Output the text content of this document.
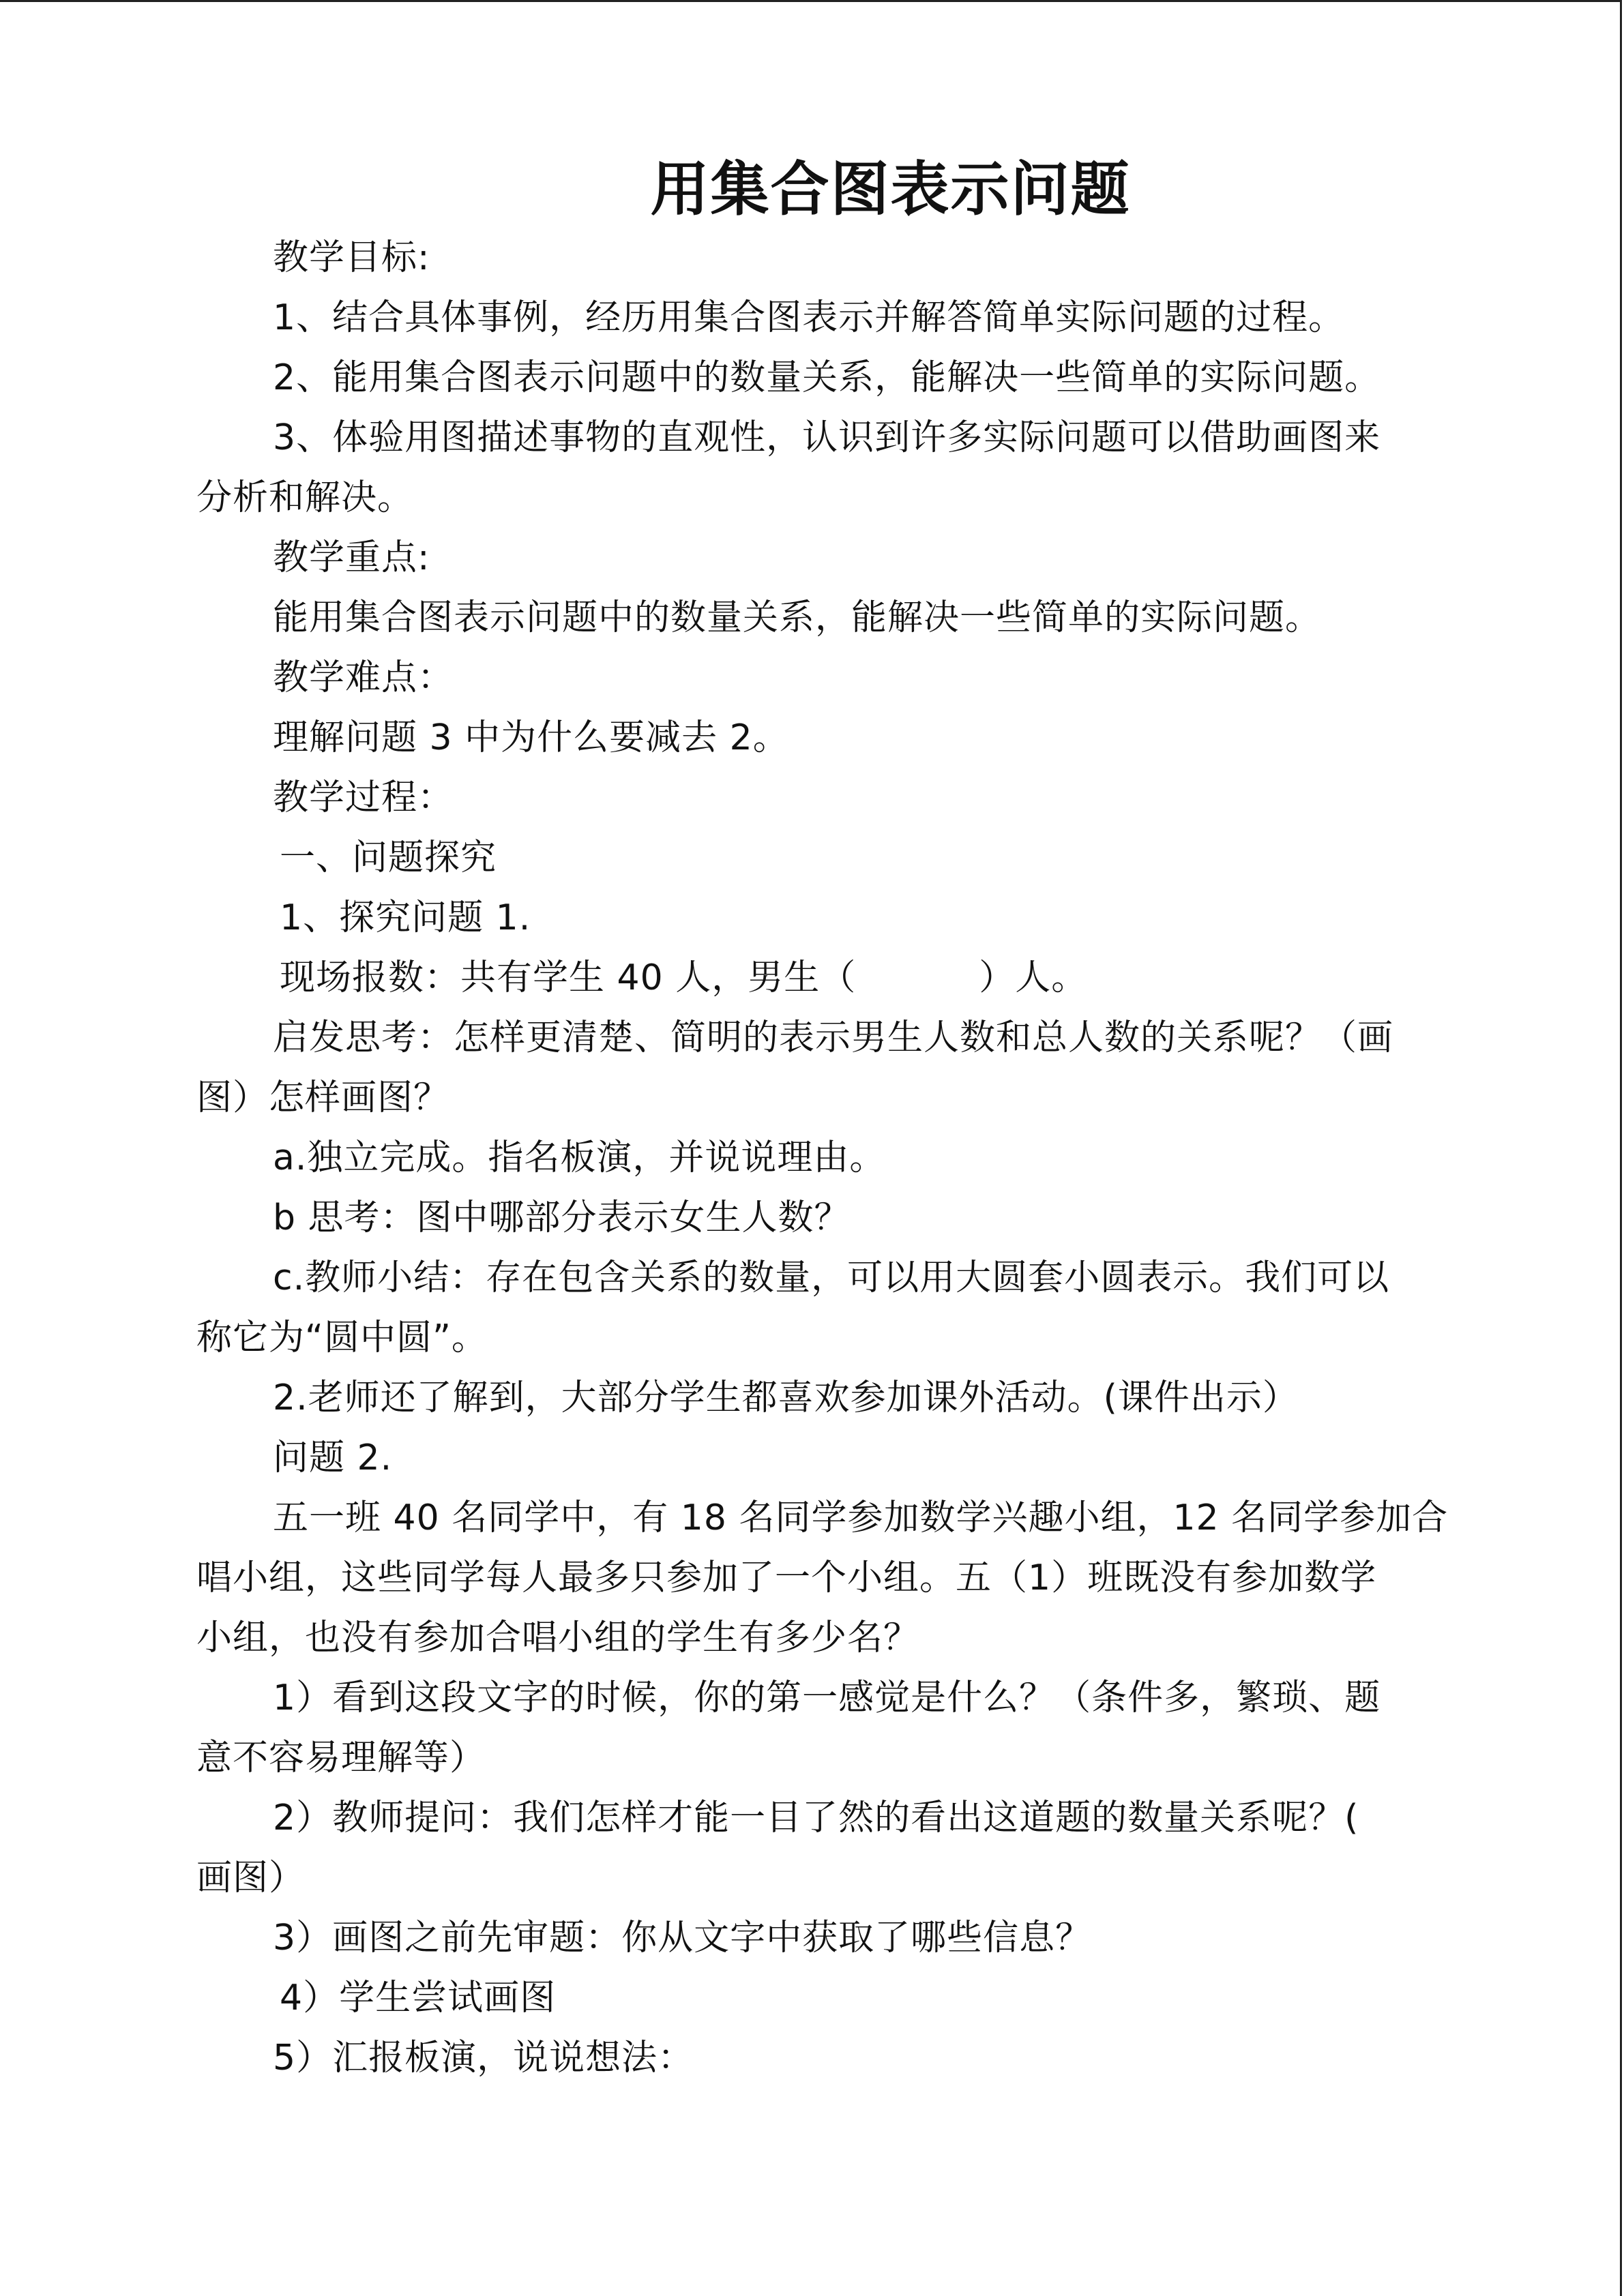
用集合图表示问题
教学目标:
1、结合具体事例，经历用集合图表示并解答简单实际问题的过程。
2、能用集合图表示问题中的数量关系，能解决一些简单的实际问题。
3、体验用图描述事物的直观性，认识到许多实际问题可以借助画图来
分析和解决。
教学重点:
能用集合图表示问题中的数量关系，能解决一些简单的实际问题。
教学难点：
理解问题 3 中为什么要减去 2。
教学过程：
一、问题探究
1、探究问题 1.
现场报数：共有学生 40 人，男生（	）人。
启发思考：怎样更清楚、简明的表示男生人数和总人数的关系呢？（画
图）怎样画图？
a.独立完成。指名板演，并说说理由。
b 思考：图中哪部分表示女生人数？
c.教师小结：存在包含关系的数量，可以用大圆套小圆表示。我们可以
称它为“圆中圆”。
2.老师还了解到，大部分学生都喜欢参加课外活动。(课件出示）
问题 2.
五一班 40 名同学中，有 18 名同学参加数学兴趣小组，12 名同学参加合
唱小组，这些同学每人最多只参加了一个小组。五（1）班既没有参加数学
小组，也没有参加合唱小组的学生有多少名？
1）看到这段文字的时候，你的第一感觉是什么？（条件多，繁琐、题
意不容易理解等）
2）教师提问：我们怎样才能一目了然的看出这道题的数量关系呢？(
画图）
3）画图之前先审题：你从文字中获取了哪些信息？
4）学生尝试画图
5）汇报板演，说说想法：
